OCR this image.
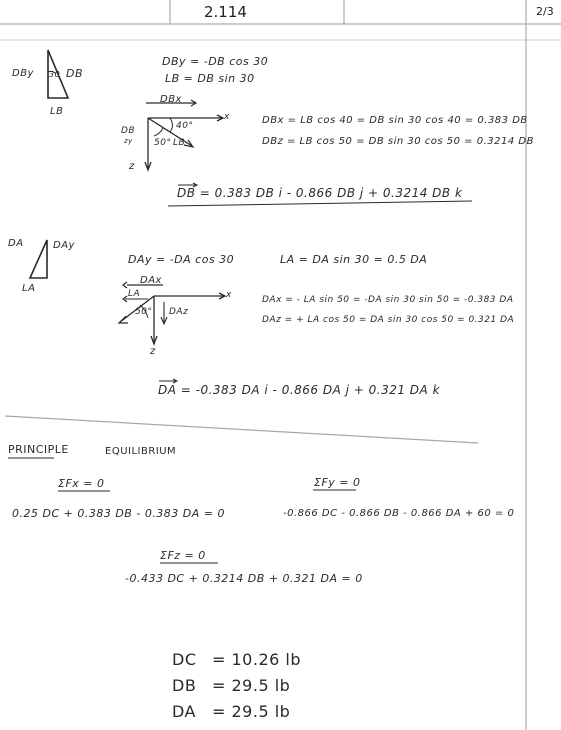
2.114	2/3
DBy 30 DB
LB
DBy = -DB cos 30
LB = DB sin 30
DBx
x
DB
zy
40°
50° LB
z
DBx = LB cos 40 = DB sin 30 cos 40 = 0.383 DB
DBz = LB cos 50 = DB sin 30 cos 50 = 0.3214 DB
DB = 0.383 DB i - 0.866 DB j + 0.3214 DB k
DA	DAy
LA
DAy = -DA cos 30	LA = DA sin 30 = 0.5 DA
DAx
LA	x
50° DAz
z
DAx = - LA sin 50 = -DA sin 30 sin 50 = -0.383 DA
DAz = + LA cos 50 = DA sin 30 cos 50 = 0.321 DA
DA = -0.383 DA i - 0.866 DA j + 0.321 DA k
PRINCIPLE	EQUILIBRIUM
ΣFx = 0
0.25 DC + 0.383 DB - 0.383 DA = 0
ΣFy = 0
-0.866 DC - 0.866 DB - 0.866 DA + 60 = 0
ΣFz = 0
-0.433 DC + 0.3214 DB + 0.321 DA = 0
DC = 10.26 lb
DB = 29.5 lb
DA = 29.5 lb
